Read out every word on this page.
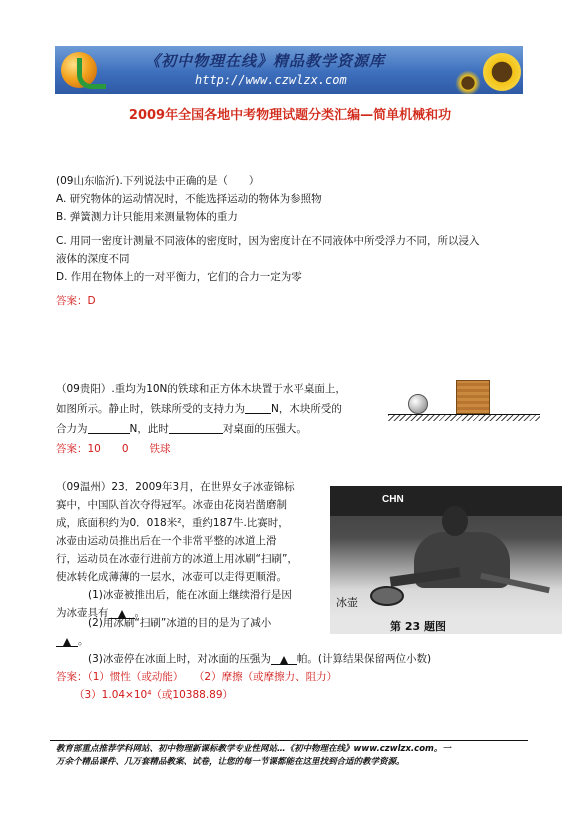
《初中物理在线》精品教学资源库
http://www.czwlzx.com
2009年全国各地中考物理试题分类汇编—简单机械和功
(09山东临沂).下列说法中正确的是（　　）
A. 研究物体的运动情况时，不能选择运动的物体为参照物
B. 弹簧测力计只能用来测量物体的重力
C. 用同一密度计测量不同液体的密度时，因为密度计在不同液体中所受浮力不同，所以浸入
液体的深度不同
D. 作用在物体上的一对平衡力，它们的合力一定为零
答案：D
（09贵阳）.重均为10N的铁球和正方体木块置于水平桌面上，
如图所示。静止时，铁球所受的支持力为 N，木块所受的
合力为	N，此时	对桌面的压强大。
答案：10　　0　　铁球
（09温州）23．2009年3月，在世界女子冰壶锦标
赛中，中国队首次夺得冠军。冰壶由花岗岩凿磨制
成，底面积约为0．018米²，重约187牛.比赛时，
冰壶由运动员推出后在一个非常平整的冰道上滑
行，运动员在冰壶行进前方的冰道上用冰刷“扫刷”，
使冰转化成薄薄的一层水，冰壶可以走得更顺滑。
(1)冰壶被推出后，能在冰面上继续滑行是因
为冰壶具有 。
(2)用冰刷“扫刷”冰道的目的是为了减小
。
(3)冰壶停在冰面上时，对冰面的压强为 帕。(计算结果保留两位小数)
答案：（1）惯性（或动能）　　（2）摩擦（或摩擦力、阻力）
（3）1.04×10⁴（或10388.89）
CHN
冰壶
第 23 题图
教育部重点推荐学科网站、初中物理新课标教学专业性网站…《初中物理在线》www.czwlzx.com。一
万余个精品课件、几万套精品教案、试卷，让您的每一节课都能在这里找到合适的教学资源。
